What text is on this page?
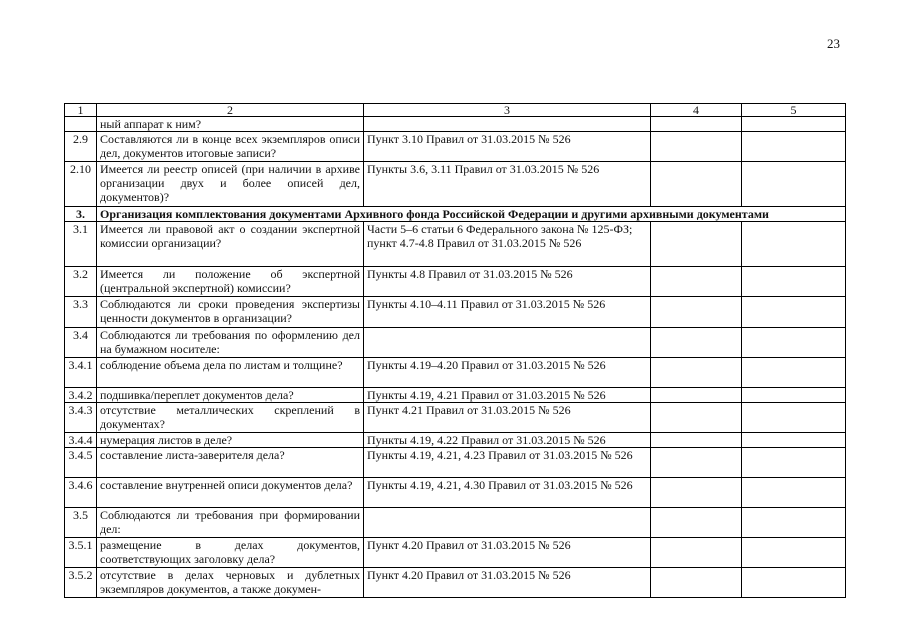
23
1	2	3	4	5
	ный аппарат к ним?			
2.9	Составляются ли в конце всех экземпляров описи дел, документов итоговые записи?	Пункт 3.10 Правил от 31.03.2015 № 526		
2.10	Имеется ли реестр описей (при наличии в архиве организации двух и более описей дел, документов)?	Пункты 3.6, 3.11 Правил от 31.03.2015 № 526		
3.	Организация комплектования документами Архивного фонда Российской Федерации и другими архивными документами			
3.1	Имеется ли правовой акт о создании экспертной комиссии организации?	Части 5–6 статьи 6 Федерального закона № 125-ФЗ;
пункт 4.7-4.8 Правил от 31.03.2015 № 526		
3.2	Имеется ли положение об экспертной (центральной экспертной) комиссии?	Пункты 4.8 Правил от 31.03.2015 № 526		
3.3	Соблюдаются ли сроки проведения экспертизы ценности документов в организации?	Пункты 4.10–4.11 Правил от 31.03.2015 № 526		
3.4	Соблюдаются ли требования по оформлению дел на бумажном носителе:			
3.4.1	соблюдение объема дела по листам и толщине?	Пункты 4.19–4.20 Правил от 31.03.2015 № 526		
3.4.2	подшивка/переплет документов дела?	Пункты 4.19, 4.21 Правил от 31.03.2015 № 526		
3.4.3	отсутствие металлических скреплений в документах?	Пункт 4.21 Правил от 31.03.2015 № 526		
3.4.4	нумерация листов в деле?	Пункты 4.19, 4.22 Правил от 31.03.2015 № 526		
3.4.5	составление листа-заверителя дела?	Пункты 4.19, 4.21, 4.23 Правил от 31.03.2015 № 526		
3.4.6	составление внутренней описи документов дела?	Пункты 4.19, 4.21, 4.30 Правил от 31.03.2015 № 526		
3.5	Соблюдаются ли требования при формировании дел:			
3.5.1	размещение в делах документов, соответствующих заголовку дела?	Пункт 4.20 Правил от 31.03.2015 № 526		
3.5.2	отсутствие в делах черновых и дублетных экземпляров документов, а также докумен-	Пункт 4.20 Правил от 31.03.2015 № 526		
